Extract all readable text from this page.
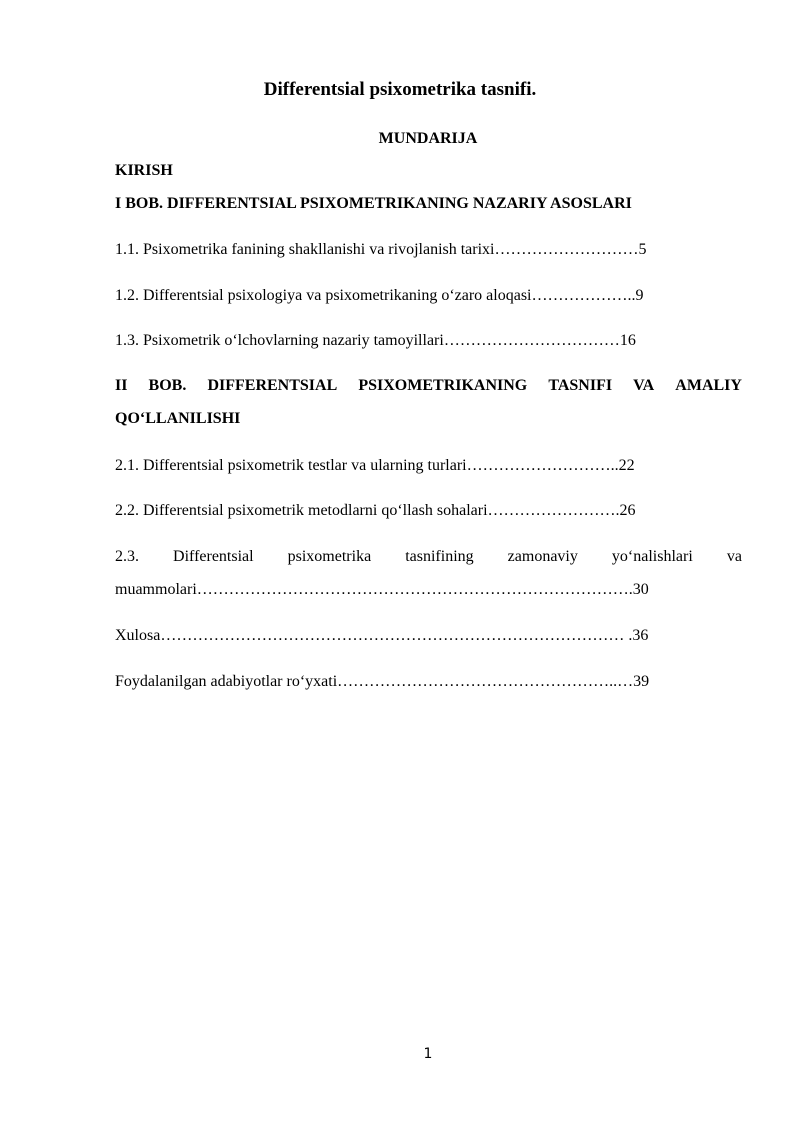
Differentsial psixometrika tasnifi.
MUNDARIJA
KIRISH
I BOB. DIFFERENTSIAL PSIXOMETRIKANING NAZARIY ASOSLARI
1.1. Psixometrika fanining shakllanishi va rivojlanish tarixi………………………5
1.2. Differentsial psixologiya va psixometrikaning o‘zaro aloqasi………………..9
1.3. Psixometrik o‘lchovlarning nazariy tamoyillari……………………………16
II BOB. DIFFERENTSIAL PSIXOMETRIKANING TASNIFI VA AMALIY
QO‘LLANILISHI
2.1. Differentsial psixometrik testlar va ularning turlari………………………..22
2.2. Differentsial psixometrik metodlarni qo‘llash sohalari…………………….26
2.3. Differentsial psixometrika tasnifining zamonaviy yo‘nalishlari va
muammolari……………………………………………………………………….30
Xulosa…………………………………………………………………………… .36
Foydalanilgan adabiyotlar ro‘yxati……………………………………………..…39
1
